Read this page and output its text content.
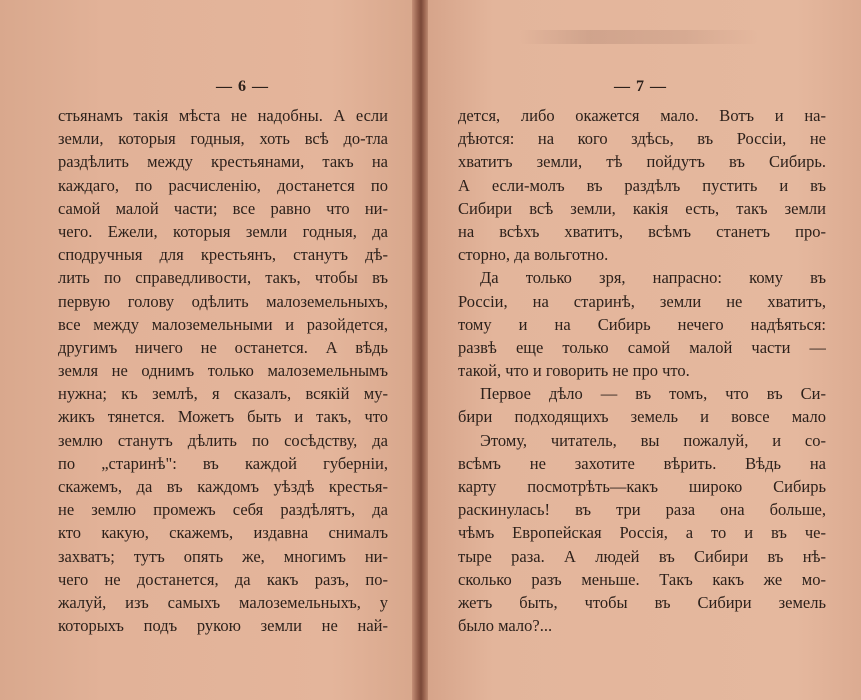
— 6 —
стьянамъ такія мѣста не надобны. А если
земли, которыя годныя, хоть всѣ до-тла
раздѣлить между крестьянами, такъ на
каждаго, по расчисленію, достанется по
самой малой части; все равно что ни-
чего. Ежели, которыя земли годныя, да
сподручныя для крестьянъ, станутъ дѣ-
лить по справедливости, такъ, чтобы въ
первую голову одѣлить малоземельныхъ,
все между малоземельными и разойдется,
другимъ ничего не останется. А вѣдь
земля не однимъ только малоземельнымъ
нужна; къ землѣ, я сказалъ, всякій му-
жикъ тянется. Можетъ быть и такъ, что
землю станутъ дѣлить по сосѣдству, да
по „старинѣ": въ каждой губерніи,
скажемъ, да въ каждомъ уѣздѣ крестья-
не землю промежъ себя раздѣлятъ, да
кто какую, скажемъ, издавна снималъ
захватъ; тутъ опять же, многимъ ни-
чего не достанется, да какъ разъ, по-
жалуй, изъ самыхъ малоземельныхъ, у
которыхъ подъ рукою земли не най-
— 7 —
дется, либо окажется мало. Вотъ и на-
дѣются: на кого здѣсь, въ Россіи, не
хватитъ земли, тѣ пойдутъ въ Сибирь.
А если-молъ въ раздѣлъ пустить и въ
Сибири всѣ земли, какія есть, такъ земли
на всѣхъ хватитъ, всѣмъ станетъ про-
сторно, да вольготно.
Да только зря, напрасно: кому въ
Россіи, на старинѣ, земли не хватитъ,
тому и на Сибирь нечего надѣяться:
развѣ еще только самой малой части —
такой, что и говорить не про что.
Первое дѣло — въ томъ, что въ Си-
бири подходящихъ земель и вовсе мало
Этому, читатель, вы пожалуй, и со-
всѣмъ не захотите вѣрить. Вѣдь на
карту посмотрѣть—какъ широко Сибирь
раскинулась! въ три раза она больше,
чѣмъ Европейская Россія, а то и въ че-
тыре раза. А людей въ Сибири въ нѣ-
сколько разъ меньше. Такъ какъ же мо-
жетъ быть, чтобы въ Сибири земель
было мало?...
